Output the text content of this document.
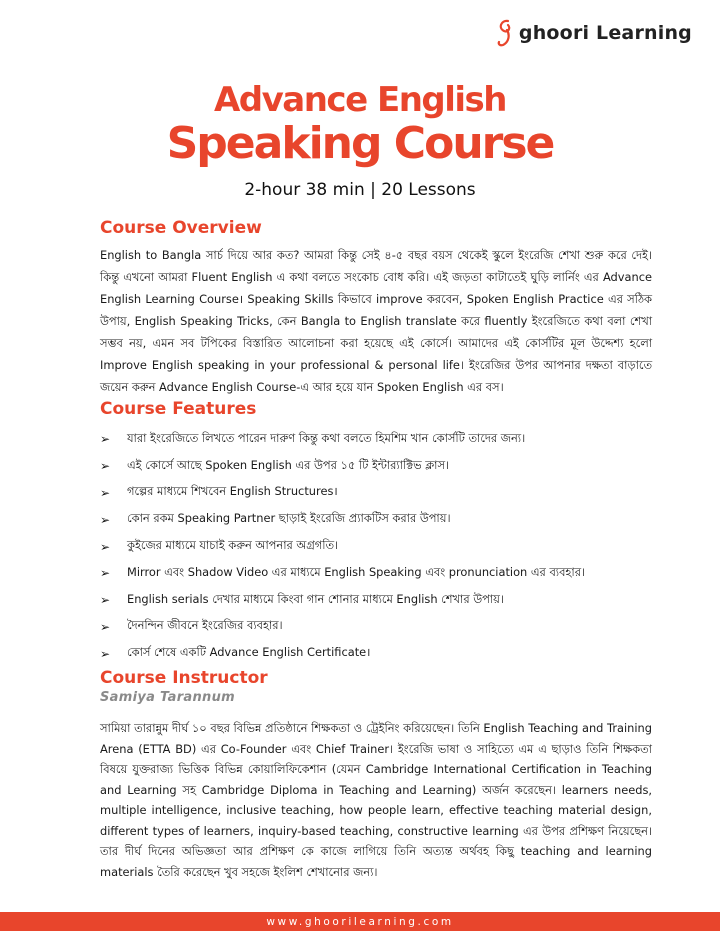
ghoori Learning
Advance English
Speaking Course
2-hour 38 min | 20 Lessons
Course Overview
English to Bangla সার্চ দিয়ে আর কত? আমরা কিন্তু সেই ৪-৫ বছর বয়স থেকেই স্কুলে ইংরেজি শেখা শুরু করে দেই। কিন্তু এখনো আমরা Fluent English এ কথা বলতে সংকোচ বোধ করি। এই জড়তা কাটাতেই ঘুড়ি লার্নিং এর Advance English Learning Course। Speaking Skills কিভাবে improve করবেন, Spoken English Practice এর সঠিক উপায়, English Speaking Tricks, কেন Bangla to English translate করে fluently ইংরেজিতে কথা বলা শেখা সম্ভব নয়, এমন সব টপিকের বিস্তারিত আলোচনা করা হয়েছে এই কোর্সে। আমাদের এই কোর্সটির মূল উদ্দেশ্য হলো Improve English speaking in your professional & personal life। ইংরেজির উপর আপনার দক্ষতা বাড়াতে জয়েন করুন Advance English Course-এ আর হয়ে যান Spoken English এর বস।
Course Features
➢	যারা ইংরেজিতে লিখতে পারেন দারুণ কিন্তু কথা বলতে হিমশিম খান কোর্সটি তাদের জন্য।
➢	এই কোর্সে আছে Spoken English এর উপর ১৫ টি ইন্টার‍্যাক্টিভ ক্লাস।
➢	গল্পের মাধ্যমে শিখবেন English Structures।
➢	কোন রকম Speaking Partner ছাড়াই ইংরেজি প্র্যাকটিস করার উপায়।
➢	কুইজের মাধ্যমে যাচাই করুন আপনার অগ্রগতি।
➢	Mirror এবং Shadow Video এর মাধ্যমে English Speaking এবং pronunciation এর ব্যবহার।
➢	English serials দেখার মাধ্যমে কিংবা গান শোনার মাধ্যমে English শেখার উপায়।
➢	দৈনন্দিন জীবনে ইংরেজির ব্যবহার।
➢	কোর্স শেষে একটি Advance English Certificate।
Course Instructor
Samiya Tarannum
সামিয়া তারান্নুম দীর্ঘ ১০ বছর বিভিন্ন প্রতিষ্ঠানে শিক্ষকতা ও ট্রেইনিং করিয়েছেন। তিনি English Teaching and Training Arena (ETTA BD) এর Co-Founder এবং Chief Trainer। ইংরেজি ভাষা ও সাহিত্যে এম এ ছাড়াও তিনি শিক্ষকতা বিষয়ে যুক্তরাজ্য ভিত্তিক বিভিন্ন কোয়ালিফিকেশান (যেমন Cambridge International Certification in Teaching and Learning সহ Cambridge Diploma in Teaching and Learning) অর্জন করেছেন। learners needs, multiple intelligence, inclusive teaching, how people learn, effective teaching material design, different types of learners, inquiry-based teaching, constructive learning এর উপর প্রশিক্ষণ নিয়েছেন। তার দীর্ঘ দিনের অভিজ্ঞতা আর প্রশিক্ষণ কে কাজে লাগিয়ে তিনি অত্যন্ত অর্থবহ কিছু teaching and learning materials তৈরি করেছেন খুব সহজে ইংলিশ শেখানোর জন্য।
www.ghoorilearning.com
